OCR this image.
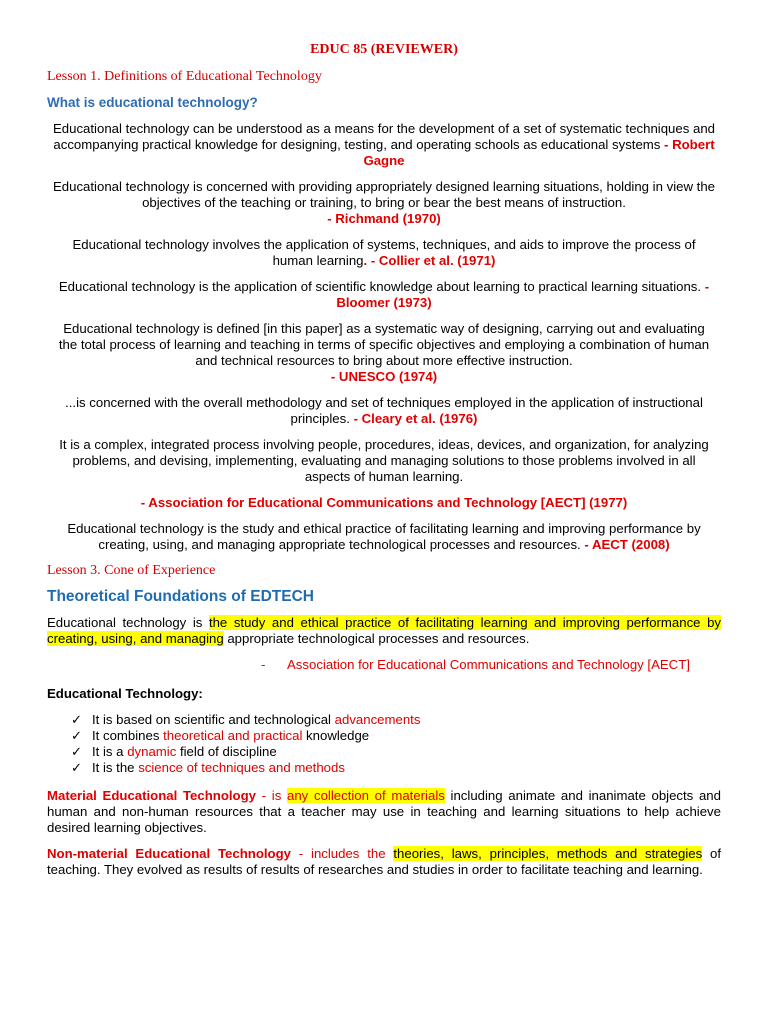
EDUC 85 (REVIEWER)
Lesson 1. Definitions of Educational Technology
What is educational technology?

Educational technology can be understood as a means for the development of a set of systematic techniques and accompanying practical knowledge for designing, testing, and operating schools as educational systems - Robert Gagne

Educational technology is concerned with providing appropriately designed learning situations, holding in view the objectives of the teaching or training, to bring or bear the best means of instruction.
- Richmand (1970)

Educational technology involves the application of systems, techniques, and aids to improve the process of human learning. - Collier et al. (1971)

Educational technology is the application of scientific knowledge about learning to practical learning situations. - Bloomer (1973)

Educational technology is defined [in this paper] as a systematic way of designing, carrying out and evaluating the total process of learning and teaching in terms of specific objectives and employing a combination of human and technical resources to bring about more effective instruction.
- UNESCO (1974)

...is concerned with the overall methodology and set of techniques employed in the application of instructional principles. - Cleary et al. (1976)

It is a complex, integrated process involving people, procedures, ideas, devices, and organization, for analyzing problems, and devising, implementing, evaluating and managing solutions to those problems involved in all aspects of human learning.

- Association for Educational Communications and Technology [AECT] (1977)

Educational technology is the study and ethical practice of facilitating learning and improving performance by creating, using, and managing appropriate technological processes and resources. - AECT (2008)

Lesson 3. Cone of Experience
Theoretical Foundations of EDTECH

Educational technology is the study and ethical practice of facilitating learning and improving performance by creating, using, and managing appropriate technological processes and resources.

- Association for Educational Communications and Technology [AECT]
Educational Technology:
✓ It is based on scientific and technological advancements
✓ It combines theoretical and practical knowledge
✓ It is a dynamic field of discipline
✓ It is the science of techniques and methods

Material Educational Technology - is any collection of materials including animate and inanimate objects and human and non-human resources that a teacher may use in teaching and learning situations to help achieve desired learning objectives.

Non-material Educational Technology - includes the theories, laws, principles, methods and strategies of teaching. They evolved as results of results of researches and studies in order to facilitate teaching and learning.
